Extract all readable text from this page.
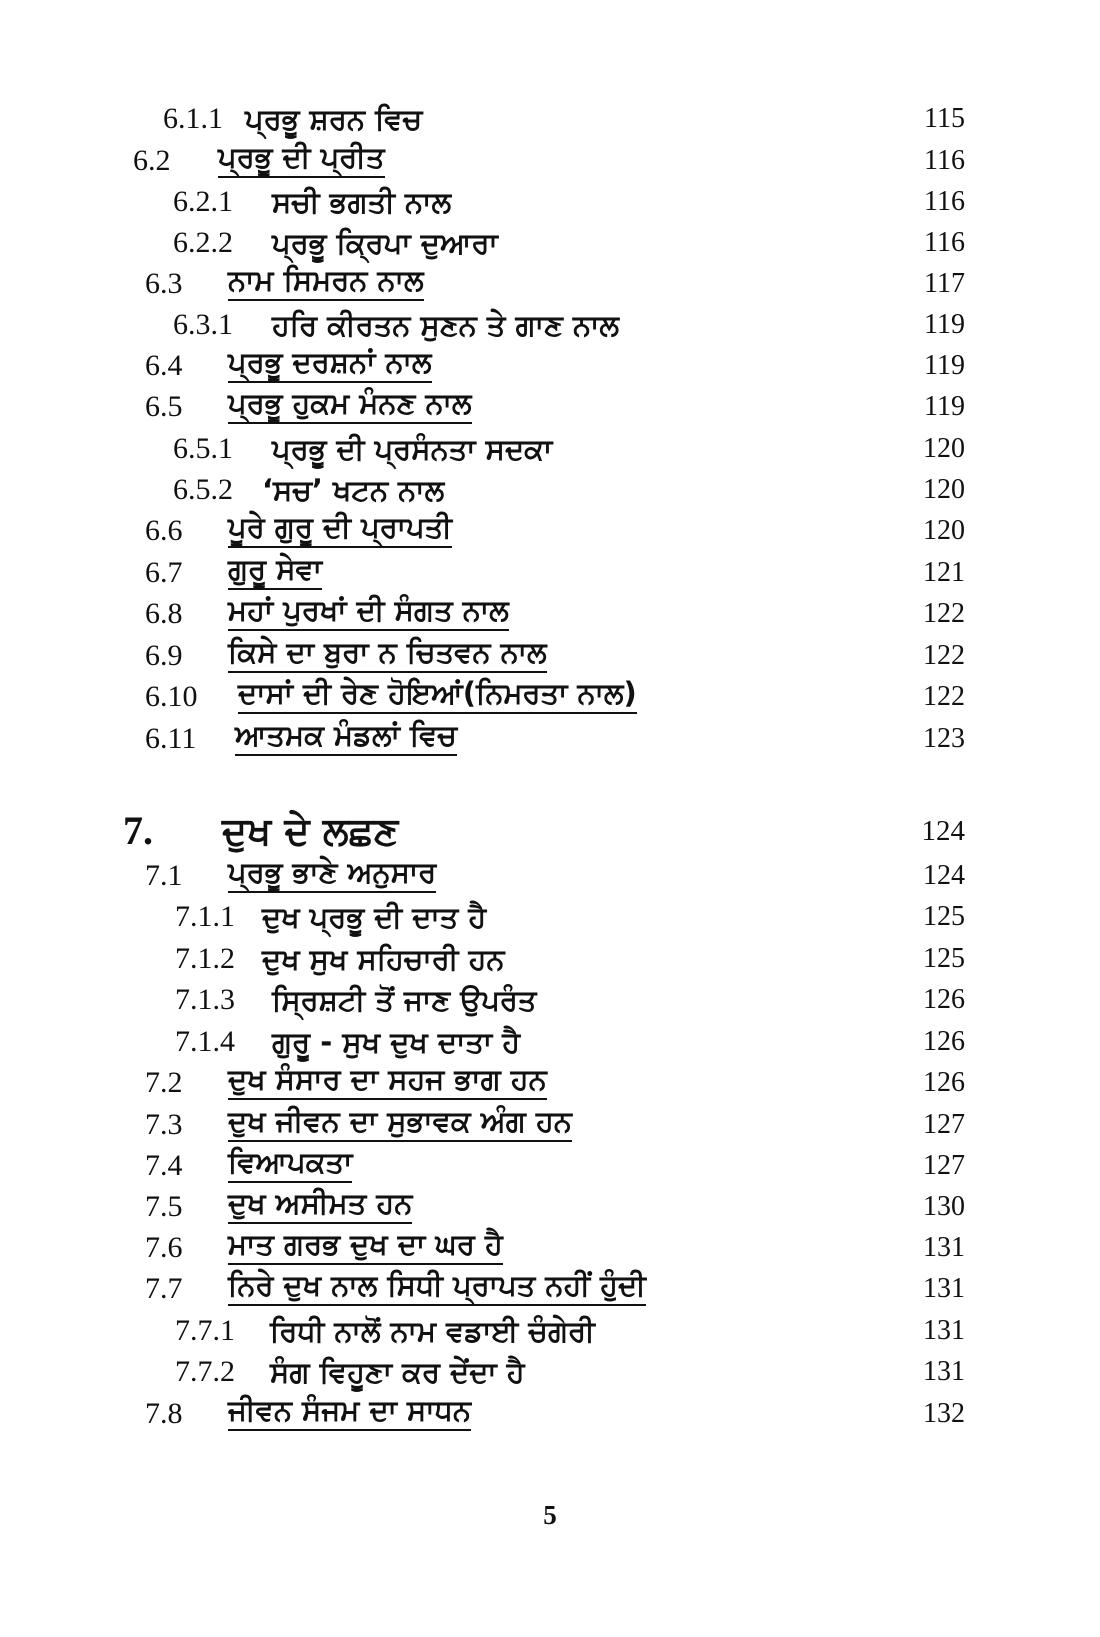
6.1.1 ਪ੍ਰਭੂ ਸ਼ਰਨ ਵਿਚ	115
6.2 ਪ੍ਰਭੂ ਦੀ ਪ੍ਰੀਤ	116
6.2.1 ਸਚੀ ਭਗਤੀ ਨਾਲ	116
6.2.2 ਪ੍ਰਭੂ ਕ੍ਰਿਪਾ ਦੁਆਰਾ	116
6.3 ਨਾਮ ਸਿਮਰਨ ਨਾਲ	117
6.3.1 ਹਰਿ ਕੀਰਤਨ ਸੁਣਨ ਤੇ ਗਾਣ ਨਾਲ	119
6.4 ਪ੍ਰਭੂ ਦਰਸ਼ਨਾਂ ਨਾਲ	119
6.5 ਪ੍ਰਭੂ ਹੁਕਮ ਮੰਨਣ ਨਾਲ	119
6.5.1 ਪ੍ਰਭੂ ਦੀ ਪ੍ਰਸੰਨਤਾ ਸਦਕਾ	120
6.5.2 ‘ਸਚ’ ਖਟਨ ਨਾਲ	120
6.6 ਪੂਰੇ ਗੁਰੂ ਦੀ ਪ੍ਰਾਪਤੀ	120
6.7 ਗੁਰੂ ਸੇਵਾ	121
6.8 ਮਹਾਂ ਪੁਰਖਾਂ ਦੀ ਸੰਗਤ ਨਾਲ	122
6.9 ਕਿਸੇ ਦਾ ਬੁਰਾ ਨ ਚਿਤਵਨ ਨਾਲ	122
6.10 ਦਾਸਾਂ ਦੀ ਰੇਣ ਹੋਇਆਂ(ਨਿਮਰਤਾ ਨਾਲ)	122
6.11 ਆਤਮਕ ਮੰਡਲਾਂ ਵਿਚ	123
7. ਦੁਖ ਦੇ ਲਛਣ	124
7.1 ਪ੍ਰਭੂ ਭਾਣੇ ਅਨੁਸਾਰ	124
7.1.1 ਦੁਖ ਪ੍ਰਭੂ ਦੀ ਦਾਤ ਹੈ	125
7.1.2 ਦੁਖ ਸੁਖ ਸਹਿਚਾਰੀ ਹਨ	125
7.1.3 ਸ੍ਰਿਸ਼ਟੀ ਤੋਂ ਜਾਣ ਉਪਰੰਤ	126
7.1.4 ਗੁਰੂ - ਸੁਖ ਦੁਖ ਦਾਤਾ ਹੈ	126
7.2 ਦੁਖ ਸੰਸਾਰ ਦਾ ਸਹਜ ਭਾਗ ਹਨ	126
7.3 ਦੁਖ ਜੀਵਨ ਦਾ ਸੁਭਾਵਕ ਅੰਗ ਹਨ	127
7.4 ਵਿਆਪਕਤਾ	127
7.5 ਦੁਖ ਅਸੀਮਤ ਹਨ	130
7.6 ਮਾਤ ਗਰਭ ਦੁਖ ਦਾ ਘਰ ਹੈ	131
7.7 ਨਿਰੇ ਦੁਖ ਨਾਲ ਸਿਧੀ ਪ੍ਰਾਪਤ ਨਹੀਂ ਹੁੰਦੀ	131
7.7.1 ਰਿਧੀ ਨਾਲੋਂ ਨਾਮ ਵਡਾਈ ਚੰਗੇਰੀ	131
7.7.2 ਸੰਗ ਵਿਹੂਣਾ ਕਰ ਦੇਂਦਾ ਹੈ	131
7.8 ਜੀਵਨ ਸੰਜਮ ਦਾ ਸਾਧਨ	132
5
